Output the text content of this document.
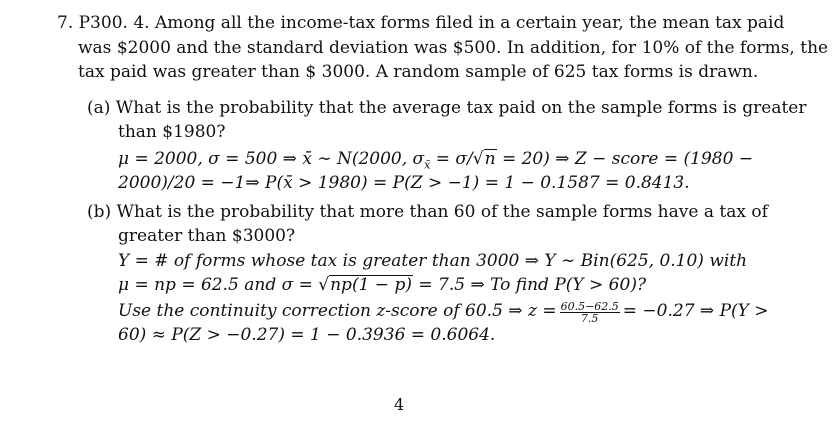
7. P300. 4. Among all the income-tax forms filed in a certain year, the mean tax paid
was $2000 and the standard deviation was $500. In addition, for 10% of the forms, the
tax paid was greater than $ 3000. A random sample of 625 tax forms is drawn.
(a) What is the probability that the average tax paid on the sample forms is greater
than $1980?
μ = 2000, σ = 500 ⇒ x̄ ∼ N(2000, $\sigma_{x̄} = \sigma/√n = 20$) ⇒ Z − score = (1980 −
2000)/20 = −1⇒ P(x̄ > 1980) = P(Z > −1) = 1 − 0.1587 = 0.8413.
(b) What is the probability that more than 60 of the sample forms have a tax of
greater than $3000?
Y = # of forms whose tax is greater than 3000 ⇒ Y ∼ Bin(625, 0.10) with
μ = np = 62.5 and σ = √np(1 − p) = 7.5 ⇒ To find P(Y > 60)?
Use the continuity correction z-score of 60.5 ⇒ $z = \frac{60.5-62.5}{7.5} = -0.27$ ⇒ P(Y >
60) ≈ P(Z > −0.27) = 1 − 0.3936 = 0.6064.
4
